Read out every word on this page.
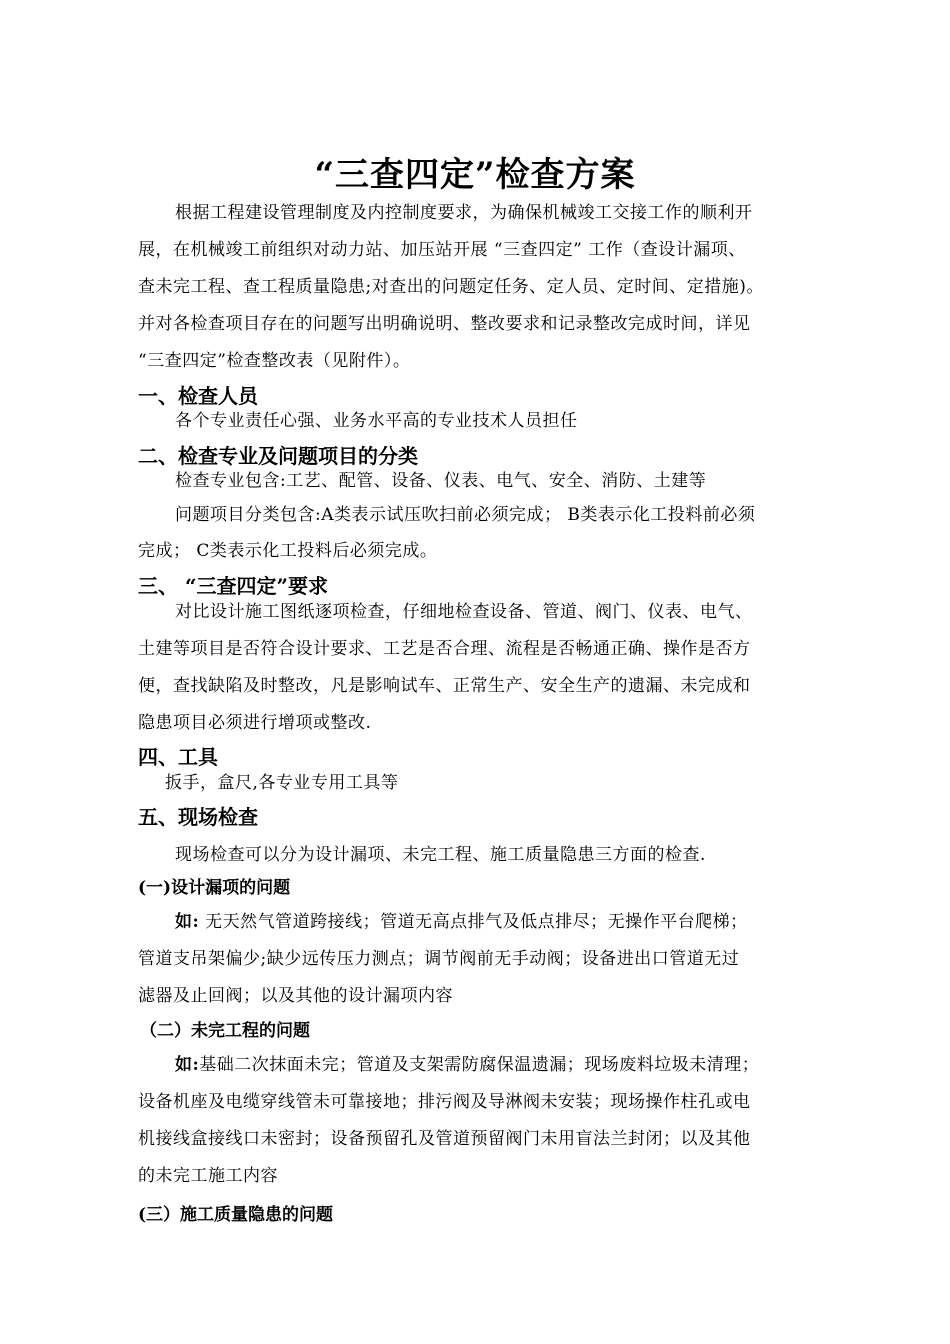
“三查四定”检查方案
根据工程建设管理制度及内控制度要求，为确保机械竣工交接工作的顺利开
展，在机械竣工前组织对动力站、加压站开展 “三查四定” 工作（查设计漏项、
查未完工程、查工程质量隐患;对查出的问题定任务、定人员、定时间、定措施)。
并对各检查项目存在的问题写出明确说明、整改要求和记录整改完成时间，详见
“三查四定”检查整改表（见附件）。
一、检查人员
各个专业责任心强、业务水平高的专业技术人员担任
二、检查专业及问题项目的分类
检查专业包含:工艺、配管、设备、仪表、电气、安全、消防、土建等
问题项目分类包含:A类表示试压吹扫前必须完成； B类表示化工投料前必须
完成； C类表示化工投料后必须完成。
三、 “三查四定”要求
对比设计施工图纸逐项检查，仔细地检查设备、管道、阀门、仪表、电气、
土建等项目是否符合设计要求、工艺是否合理、流程是否畅通正确、操作是否方
便，查找缺陷及时整改，凡是影响试车、正常生产、安全生产的遗漏、未完成和
隐患项目必须进行增项或整改.
四、工具
扳手，盒尺,各专业专用工具等
五、现场检查
现场检查可以分为设计漏项、未完工程、施工质量隐患三方面的检查.
(一)设计漏项的问题
如: 无天然气管道跨接线；管道无高点排气及低点排尽；无操作平台爬梯；
管道支吊架偏少;缺少远传压力测点；调节阀前无手动阀；设备进出口管道无过
滤器及止回阀；以及其他的设计漏项内容
（二）未完工程的问题
如:基础二次抹面未完；管道及支架需防腐保温遗漏；现场废料垃圾未清理；
设备机座及电缆穿线管未可靠接地；排污阀及导淋阀未安装；现场操作柱孔或电
机接线盒接线口未密封；设备预留孔及管道预留阀门未用盲法兰封闭；以及其他
的未完工施工内容
(三）施工质量隐患的问题
